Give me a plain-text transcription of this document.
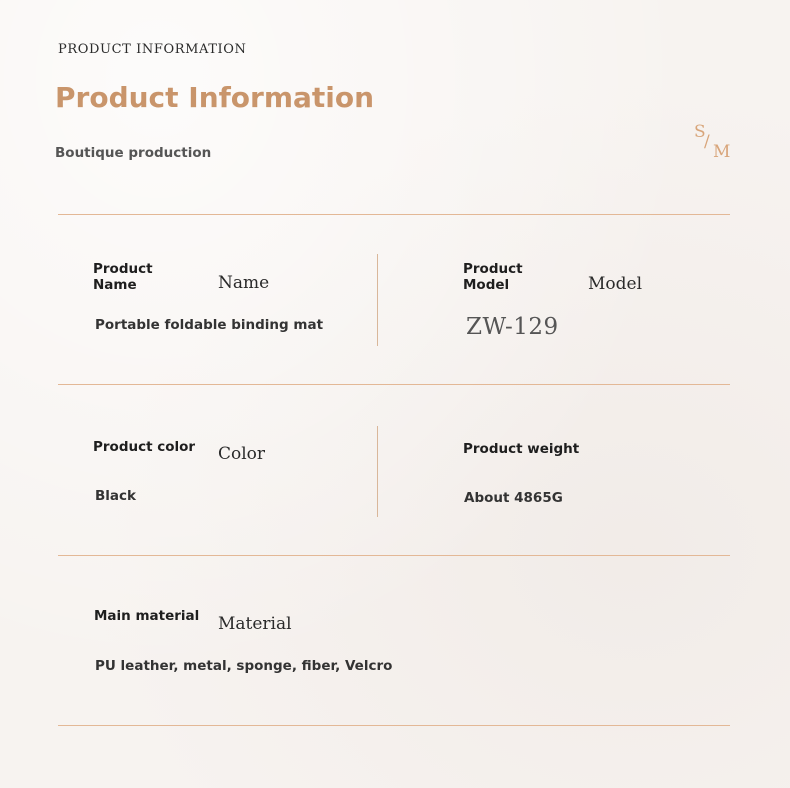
PRODUCT INFORMATION
Product Information
Boutique production
S
/ M
Product Name	Name
Portable foldable binding mat
Product Model	Model
ZW-129
Product color Color
Black
Product weight
About 4865G
Main material Material
PU leather, metal, sponge, fiber, Velcro
